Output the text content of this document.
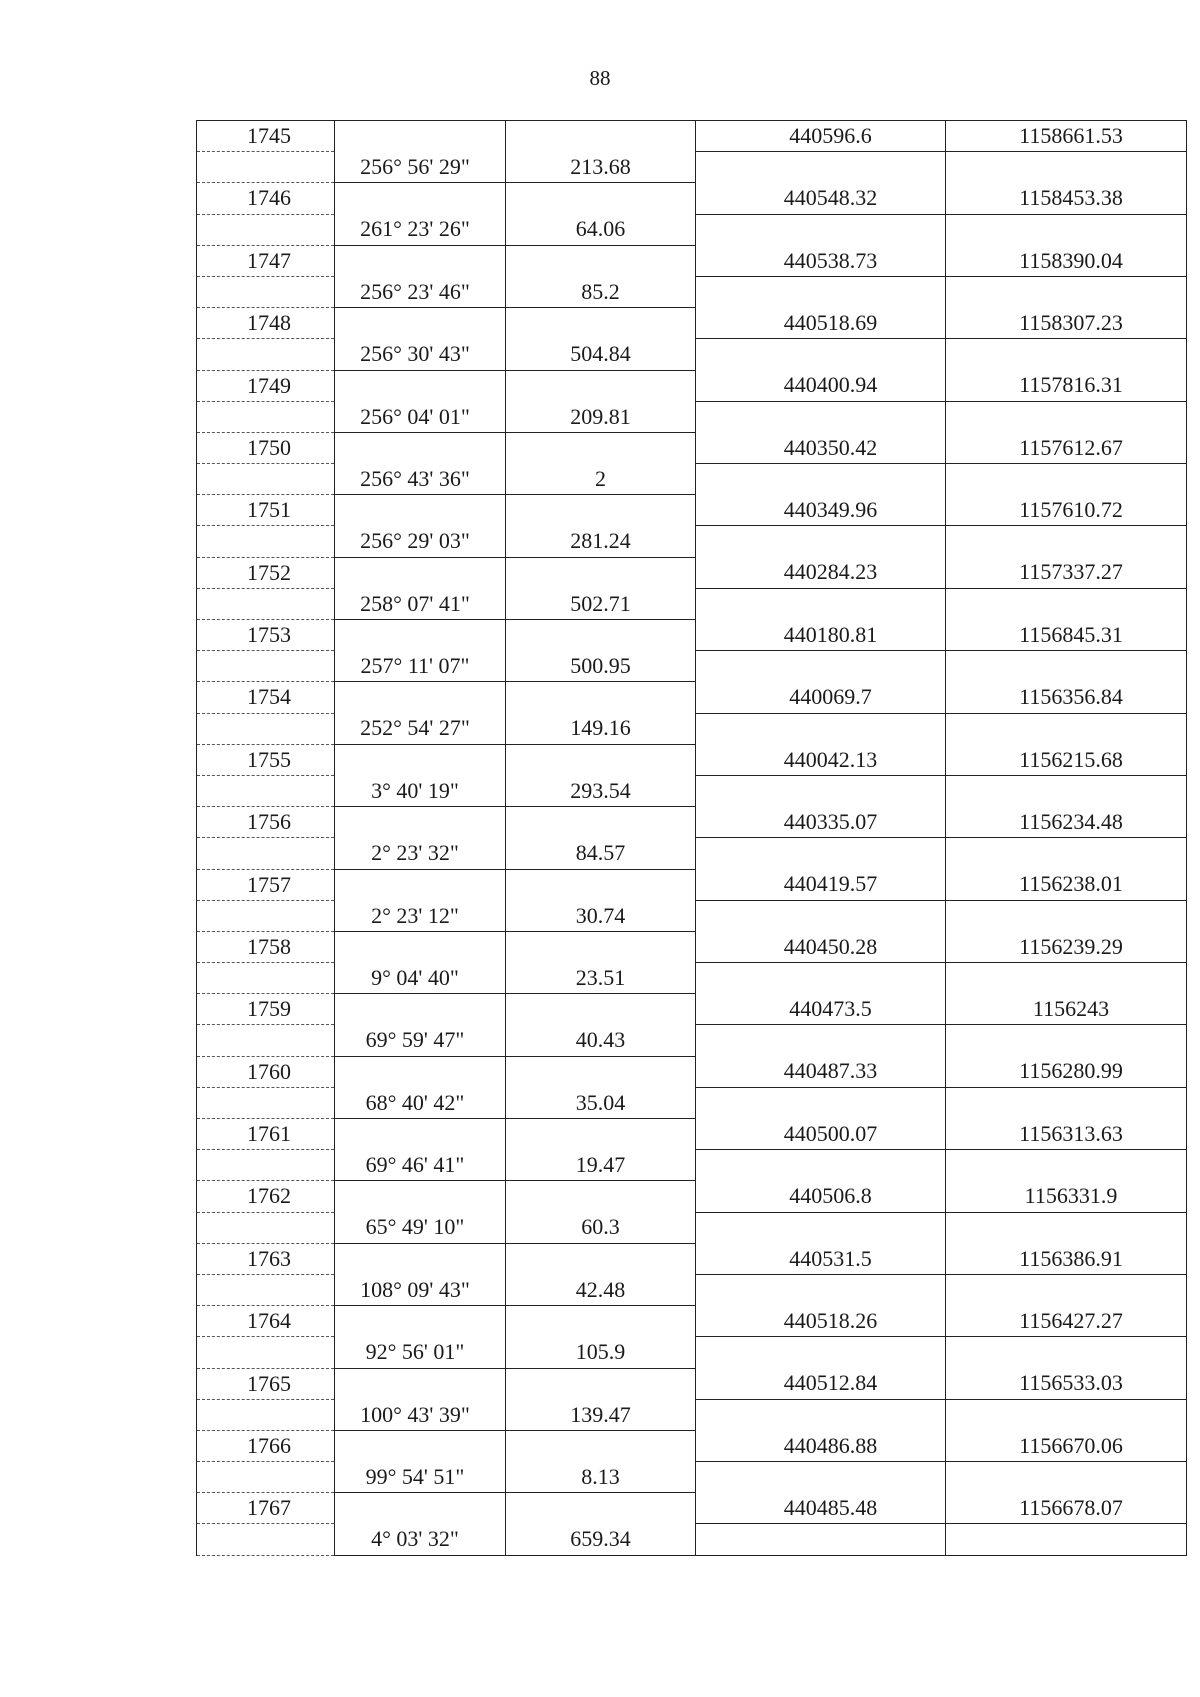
88
1745			440596.6	1158661.53
	256° 56' 29"	213.68		
1746			440548.32	1158453.38
	261° 23' 26"	64.06		
1747			440538.73	1158390.04
	256° 23' 46"	85.2		
1748			440518.69	1158307.23
	256° 30' 43"	504.84		
1749			440400.94	1157816.31
	256° 04' 01"	209.81		
1750			440350.42	1157612.67
	256° 43' 36"	2		
1751			440349.96	1157610.72
	256° 29' 03"	281.24		
1752			440284.23	1157337.27
	258° 07' 41"	502.71		
1753			440180.81	1156845.31
	257° 11' 07"	500.95		
1754			440069.7	1156356.84
	252° 54' 27"	149.16		
1755			440042.13	1156215.68
	3° 40' 19"	293.54		
1756			440335.07	1156234.48
	2° 23' 32"	84.57		
1757			440419.57	1156238.01
	2° 23' 12"	30.74		
1758			440450.28	1156239.29
	9° 04' 40"	23.51		
1759			440473.5	1156243
	69° 59' 47"	40.43		
1760			440487.33	1156280.99
	68° 40' 42"	35.04		
1761			440500.07	1156313.63
	69° 46' 41"	19.47		
1762			440506.8	1156331.9
	65° 49' 10"	60.3		
1763			440531.5	1156386.91
	108° 09' 43"	42.48		
1764			440518.26	1156427.27
	92° 56' 01"	105.9		
1765			440512.84	1156533.03
	100° 43' 39"	139.47		
1766			440486.88	1156670.06
	99° 54' 51"	8.13		
1767			440485.48	1156678.07
	4° 03' 32"	659.34		
